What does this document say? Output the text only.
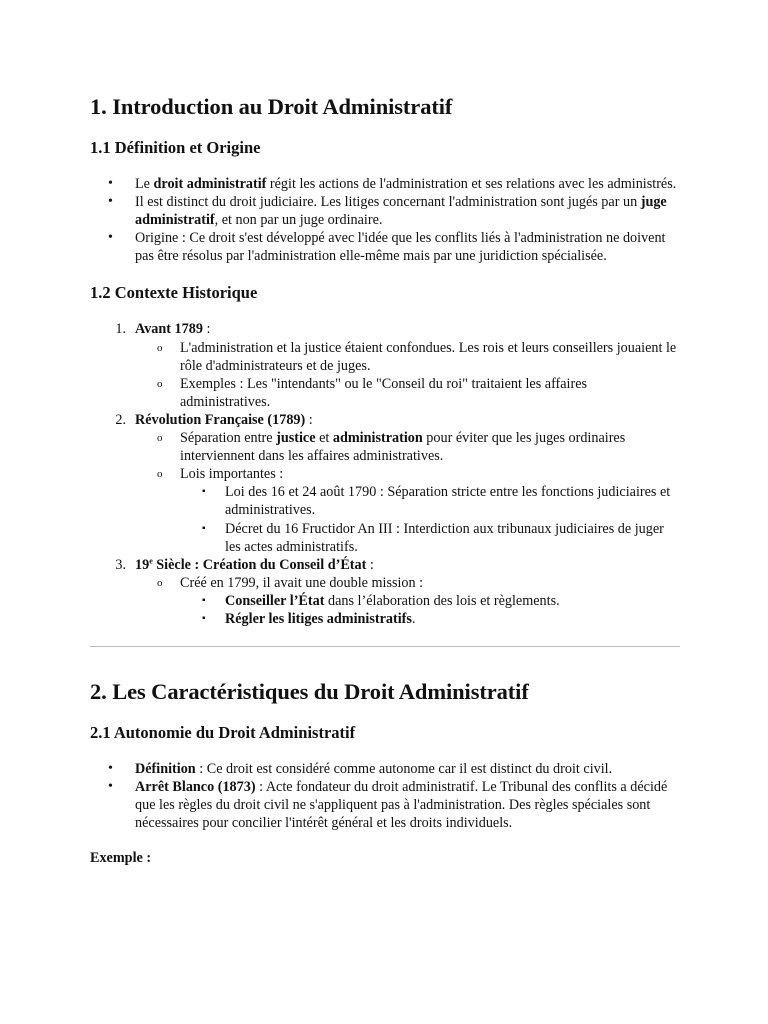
1. Introduction au Droit Administratif
1.1 Définition et Origine
•	Le droit administratif régit les actions de l'administration et ses relations avec les administrés.
•	Il est distinct du droit judiciaire. Les litiges concernant l'administration sont jugés par un juge administratif, et non par un juge ordinaire.
•	Origine : Ce droit s'est développé avec l'idée que les conflits liés à l'administration ne doivent pas être résolus par l'administration elle-même mais par une juridiction spécialisée.
1.2 Contexte Historique
1. Avant 1789 :
o	L'administration et la justice étaient confondues. Les rois et leurs conseillers jouaient le rôle d'administrateurs et de juges.
o	Exemples : Les "intendants" ou le "Conseil du roi" traitaient les affaires administratives.
2. Révolution Française (1789) :
o	Séparation entre justice et administration pour éviter que les juges ordinaires interviennent dans les affaires administratives.
o	Lois importantes :
▪	Loi des 16 et 24 août 1790 : Séparation stricte entre les fonctions judiciaires et administratives.
▪	Décret du 16 Fructidor An III : Interdiction aux tribunaux judiciaires de juger les actes administratifs.
3. 19e Siècle : Création du Conseil d’État :
o	Créé en 1799, il avait une double mission :
▪	Conseiller l’État dans l’élaboration des lois et règlements.
▪	Régler les litiges administratifs.
2. Les Caractéristiques du Droit Administratif
2.1 Autonomie du Droit Administratif
•	Définition : Ce droit est considéré comme autonome car il est distinct du droit civil.
•	Arrêt Blanco (1873) : Acte fondateur du droit administratif. Le Tribunal des conflits a décidé que les règles du droit civil ne s'appliquent pas à l'administration. Des règles spéciales sont nécessaires pour concilier l'intérêt général et les droits individuels.

Exemple :
